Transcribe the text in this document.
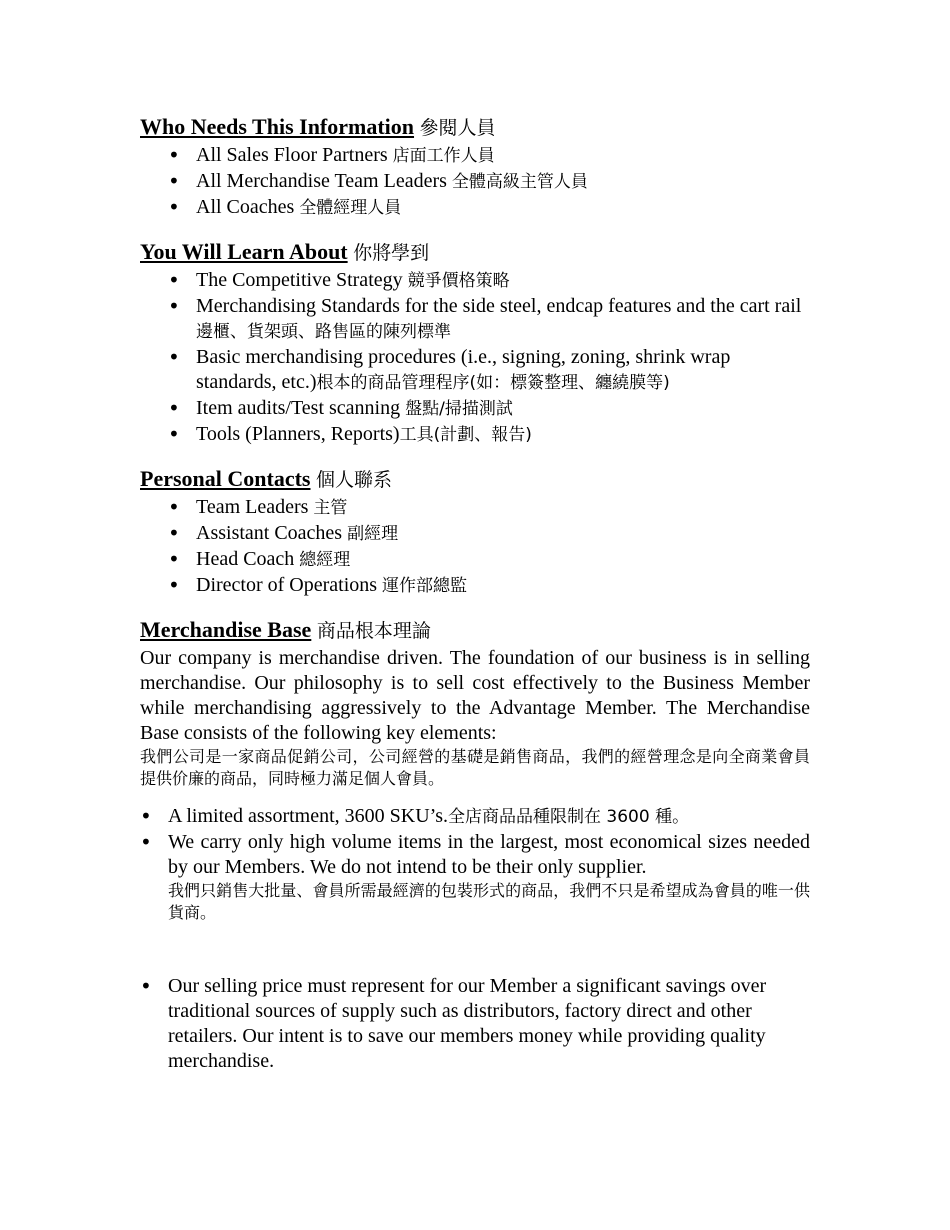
Who Needs This Information 參閱人員
• All Sales Floor Partners 店面工作人員
• All Merchandise Team Leaders 全體高級主管人員
• All Coaches 全體經理人員
You Will Learn About 你將學到
• The Competitive Strategy 競爭價格策略
• Merchandising Standards for the side steel, endcap features and the cart rail 邊櫃、貨架頭、路售區的陳列標準
• Basic merchandising procedures (i.e., signing, zoning, shrink wrap standards, etc.)根本的商品管理程序(如：標簽整理、纏繞膜等)
• Item audits/Test scanning 盤點/掃描測試
• Tools (Planners, Reports)工具(計劃、報告)
Personal Contacts 個人聯系
• Team Leaders 主管
• Assistant Coaches 副經理
• Head Coach 總經理
• Director of Operations 運作部總監
Merchandise Base 商品根本理論

Our company is merchandise driven. The foundation of our business is in selling merchandise. Our philosophy is to sell cost effectively to the Business Member while merchandising aggressively to the Advantage Member. The Merchandise Base consists of the following key elements:

我們公司是一家商品促銷公司，公司經營的基礎是銷售商品，我們的經營理念是向全商業會員提供价廉的商品，同時極力滿足個人會員。
• A limited assortment, 3600 SKU’s.全店商品品種限制在 3600 種。
• We carry only high volume items in the largest, most economical sizes needed by our Members. We do not intend to be their only supplier.
我們只銷售大批量、會員所需最經濟的包裝形式的商品，我們不只是希望成為會員的唯一供貨商。
• Our selling price must represent for our Member a significant savings over traditional sources of supply such as distributors, factory direct and other retailers. Our intent is to save our members money while providing quality merchandise.
